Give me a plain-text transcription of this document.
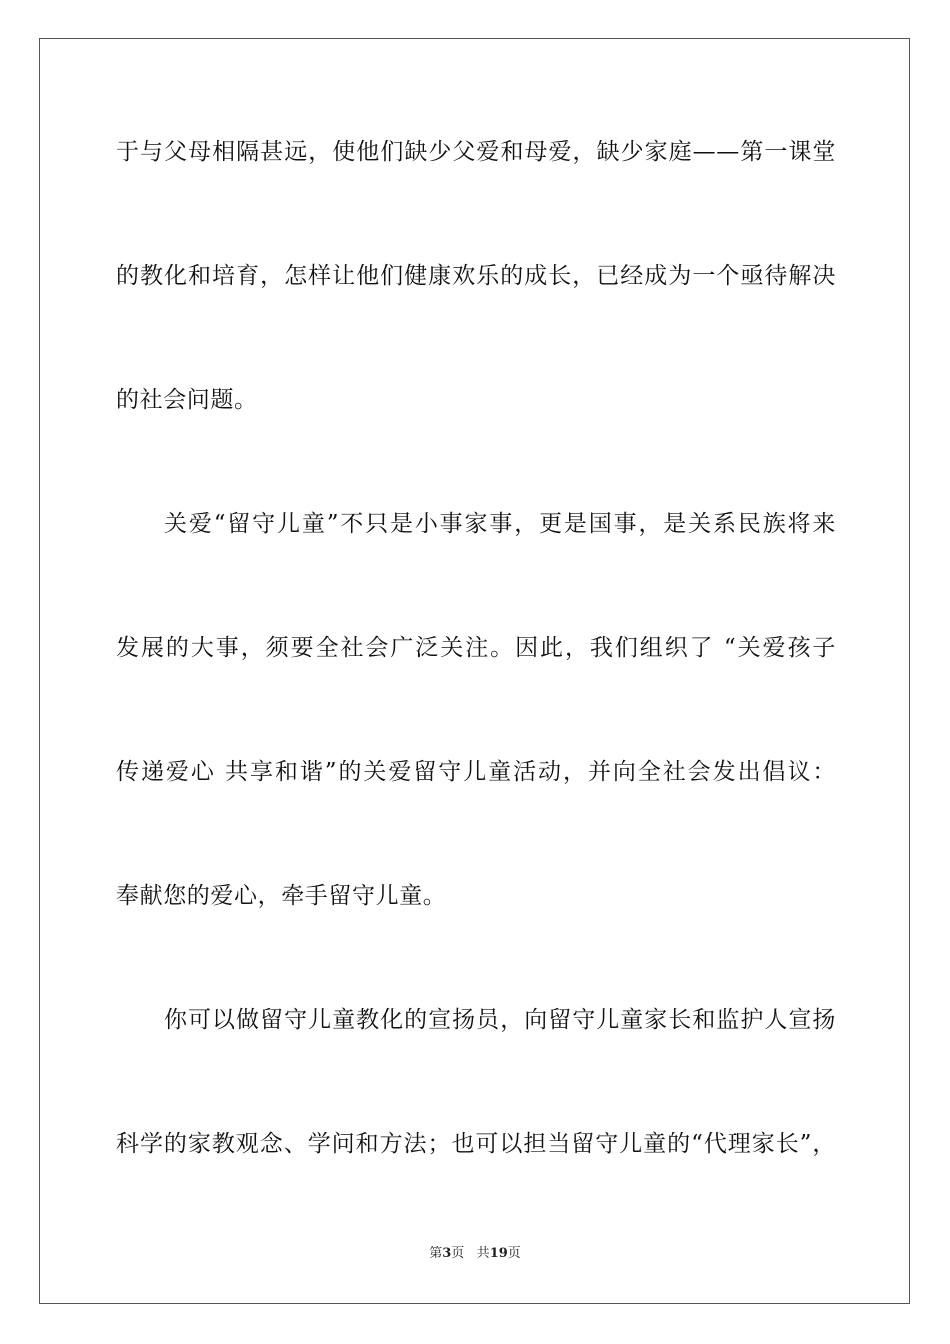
于与父母相隔甚远，使他们缺少父爱和母爱，缺少家庭——第一课堂
的教化和培育，怎样让他们健康欢乐的成长，已经成为一个亟待解决
的社会问题。
关爱“留守儿童”不只是小事家事，更是国事，是关系民族将来
发展的大事，须要全社会广泛关注。因此，我们组织了 “关爱孩子
传递爱心 共享和谐”的关爱留守儿童活动，并向全社会发出倡议：
奉献您的爱心，牵手留守儿童。
你可以做留守儿童教化的宣扬员，向留守儿童家长和监护人宣扬
科学的家教观念、学问和方法；也可以担当留守儿童的“代理家长”，
第3页 共19页
